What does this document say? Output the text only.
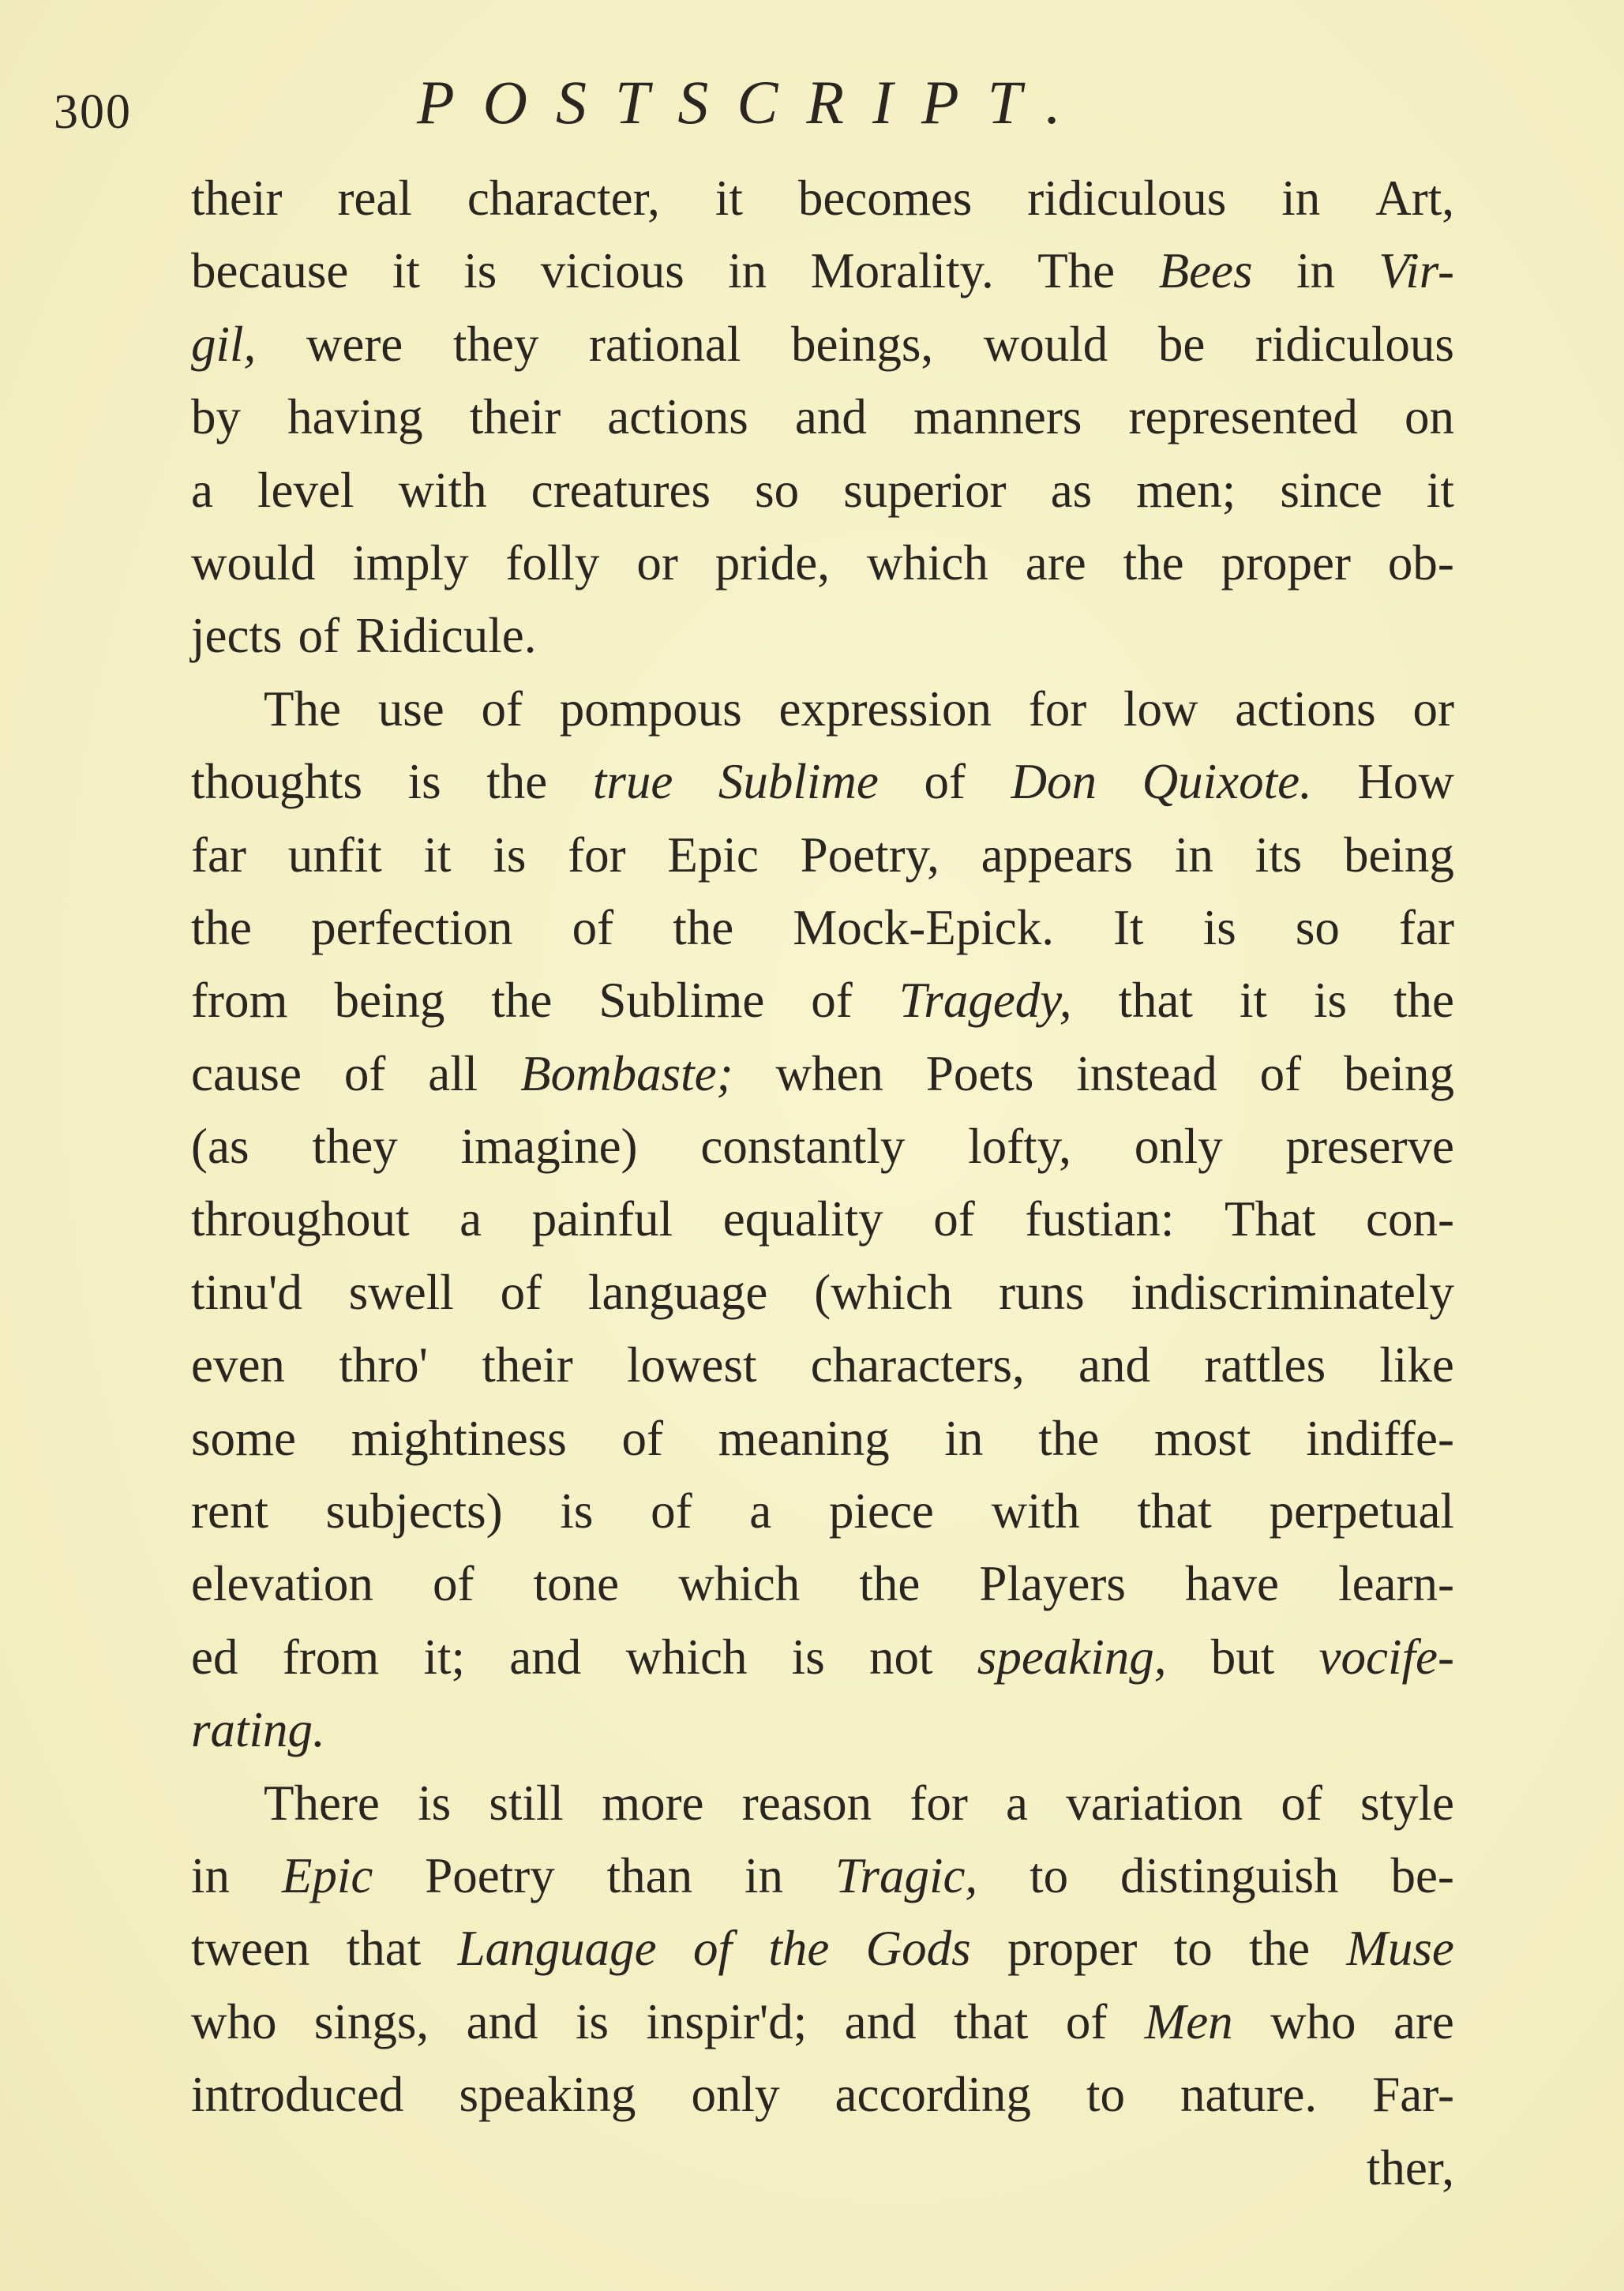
300	POSTSCRIPT.
their real character, it becomes ridiculous in Art,
because it is vicious in Morality. The Bees in Vir-
gil, were they rational beings, would be ridiculous
by having their actions and manners represented on
a level with creatures so superior as men; since it
would imply folly or pride, which are the proper ob-
jects of Ridicule.
The use of pompous expression for low actions or
thoughts is the true Sublime of Don Quixote. How
far unfit it is for Epic Poetry, appears in its being
the perfection of the Mock-Epick. It is so far
from being the Sublime of Tragedy, that it is the
cause of all Bombaste; when Poets instead of being
(as they imagine) constantly lofty, only preserve
throughout a painful equality of fustian: That con-
tinu'd swell of language (which runs indiscriminately
even thro' their lowest characters, and rattles like
some mightiness of meaning in the most indiffe-
rent subjects) is of a piece with that perpetual
elevation of tone which the Players have learn-
ed from it; and which is not speaking, but vocife-
rating.
There is still more reason for a variation of style
in Epic Poetry than in Tragic, to distinguish be-
tween that Language of the Gods proper to the Muse
who sings, and is inspir'd; and that of Men who are
introduced speaking only according to nature. Far-
ther,
